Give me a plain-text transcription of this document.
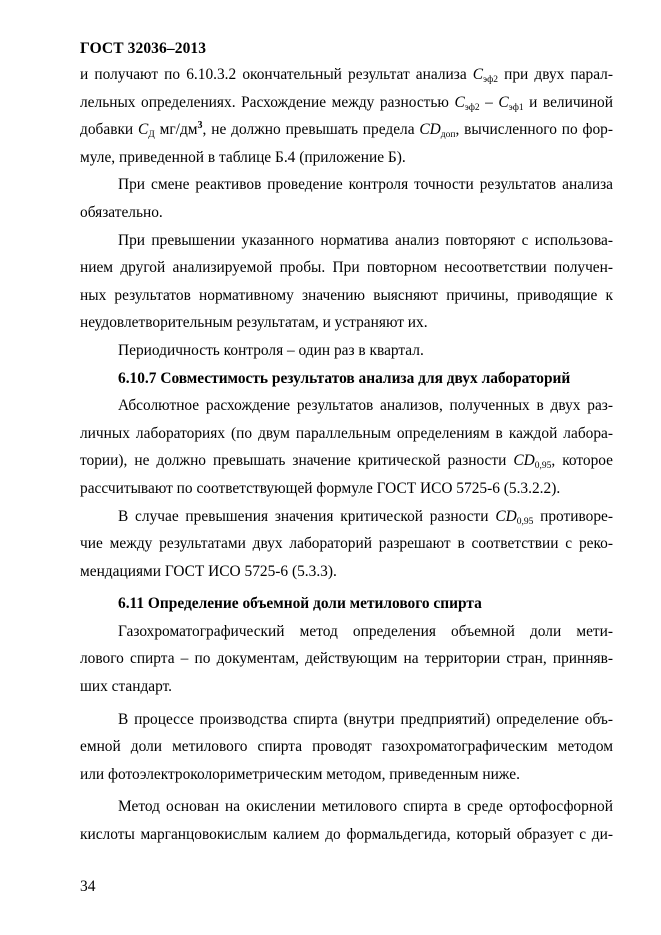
ГОСТ 32036–2013
и получают по 6.10.3.2 окончательный результат анализа $C_{эф2}$ при двух парал-
лельных определениях. Расхождение между разностью $C_{эф2} - C_{эф1}$ и величиной
добавки $C_Д$ $мг/дм^3$, не должно превышать предела $CD_{доп}$, вычисленного по фор-
муле, приведенной в таблице Б.4 (приложение Б).
При смене реактивов проведение контроля точности результатов анализа
обязательно.
При превышении указанного норматива анализ повторяют с использова-
нием другой анализируемой пробы. При повторном несоответствии получен-
ных результатов нормативному значению выясняют причины, приводящие к
неудовлетворительным результатам, и устраняют их.
Периодичность контроля – один раз в квартал.
6.10.7 Совместимость результатов анализа для двух лабораторий
Абсолютное расхождение результатов анализов, полученных в двух раз-
личных лабораториях (по двум параллельным определениям в каждой лабора-
тории), не должно превышать значение критической разности $CD_{0,95}$, которое
рассчитывают по соответствующей формуле ГОСТ ИСО 5725-6 (5.3.2.2).
В случае превышения значения критической разности $CD_{0,95}$ противоре-
чие между результатами двух лабораторий разрешают в соответствии с реко-
мендациями ГОСТ ИСО 5725-6 (5.3.3).
6.11 Определение объемной доли метилового спирта
Газохроматографический метод определения объемной доли мети-
лового спирта – по документам, действующим на территории стран, принняв-
ших стандарт.
В процессе производства спирта (внутри предприятий) определение объ-
емной доли метилового спирта проводят газохроматографическим методом
или фотоэлектроколориметрическим методом, приведенным ниже.
Метод основан на окислении метилового спирта в среде ортофосфорной
кислоты марганцовокислым калием до формальдегида, который образует с ди-
34
